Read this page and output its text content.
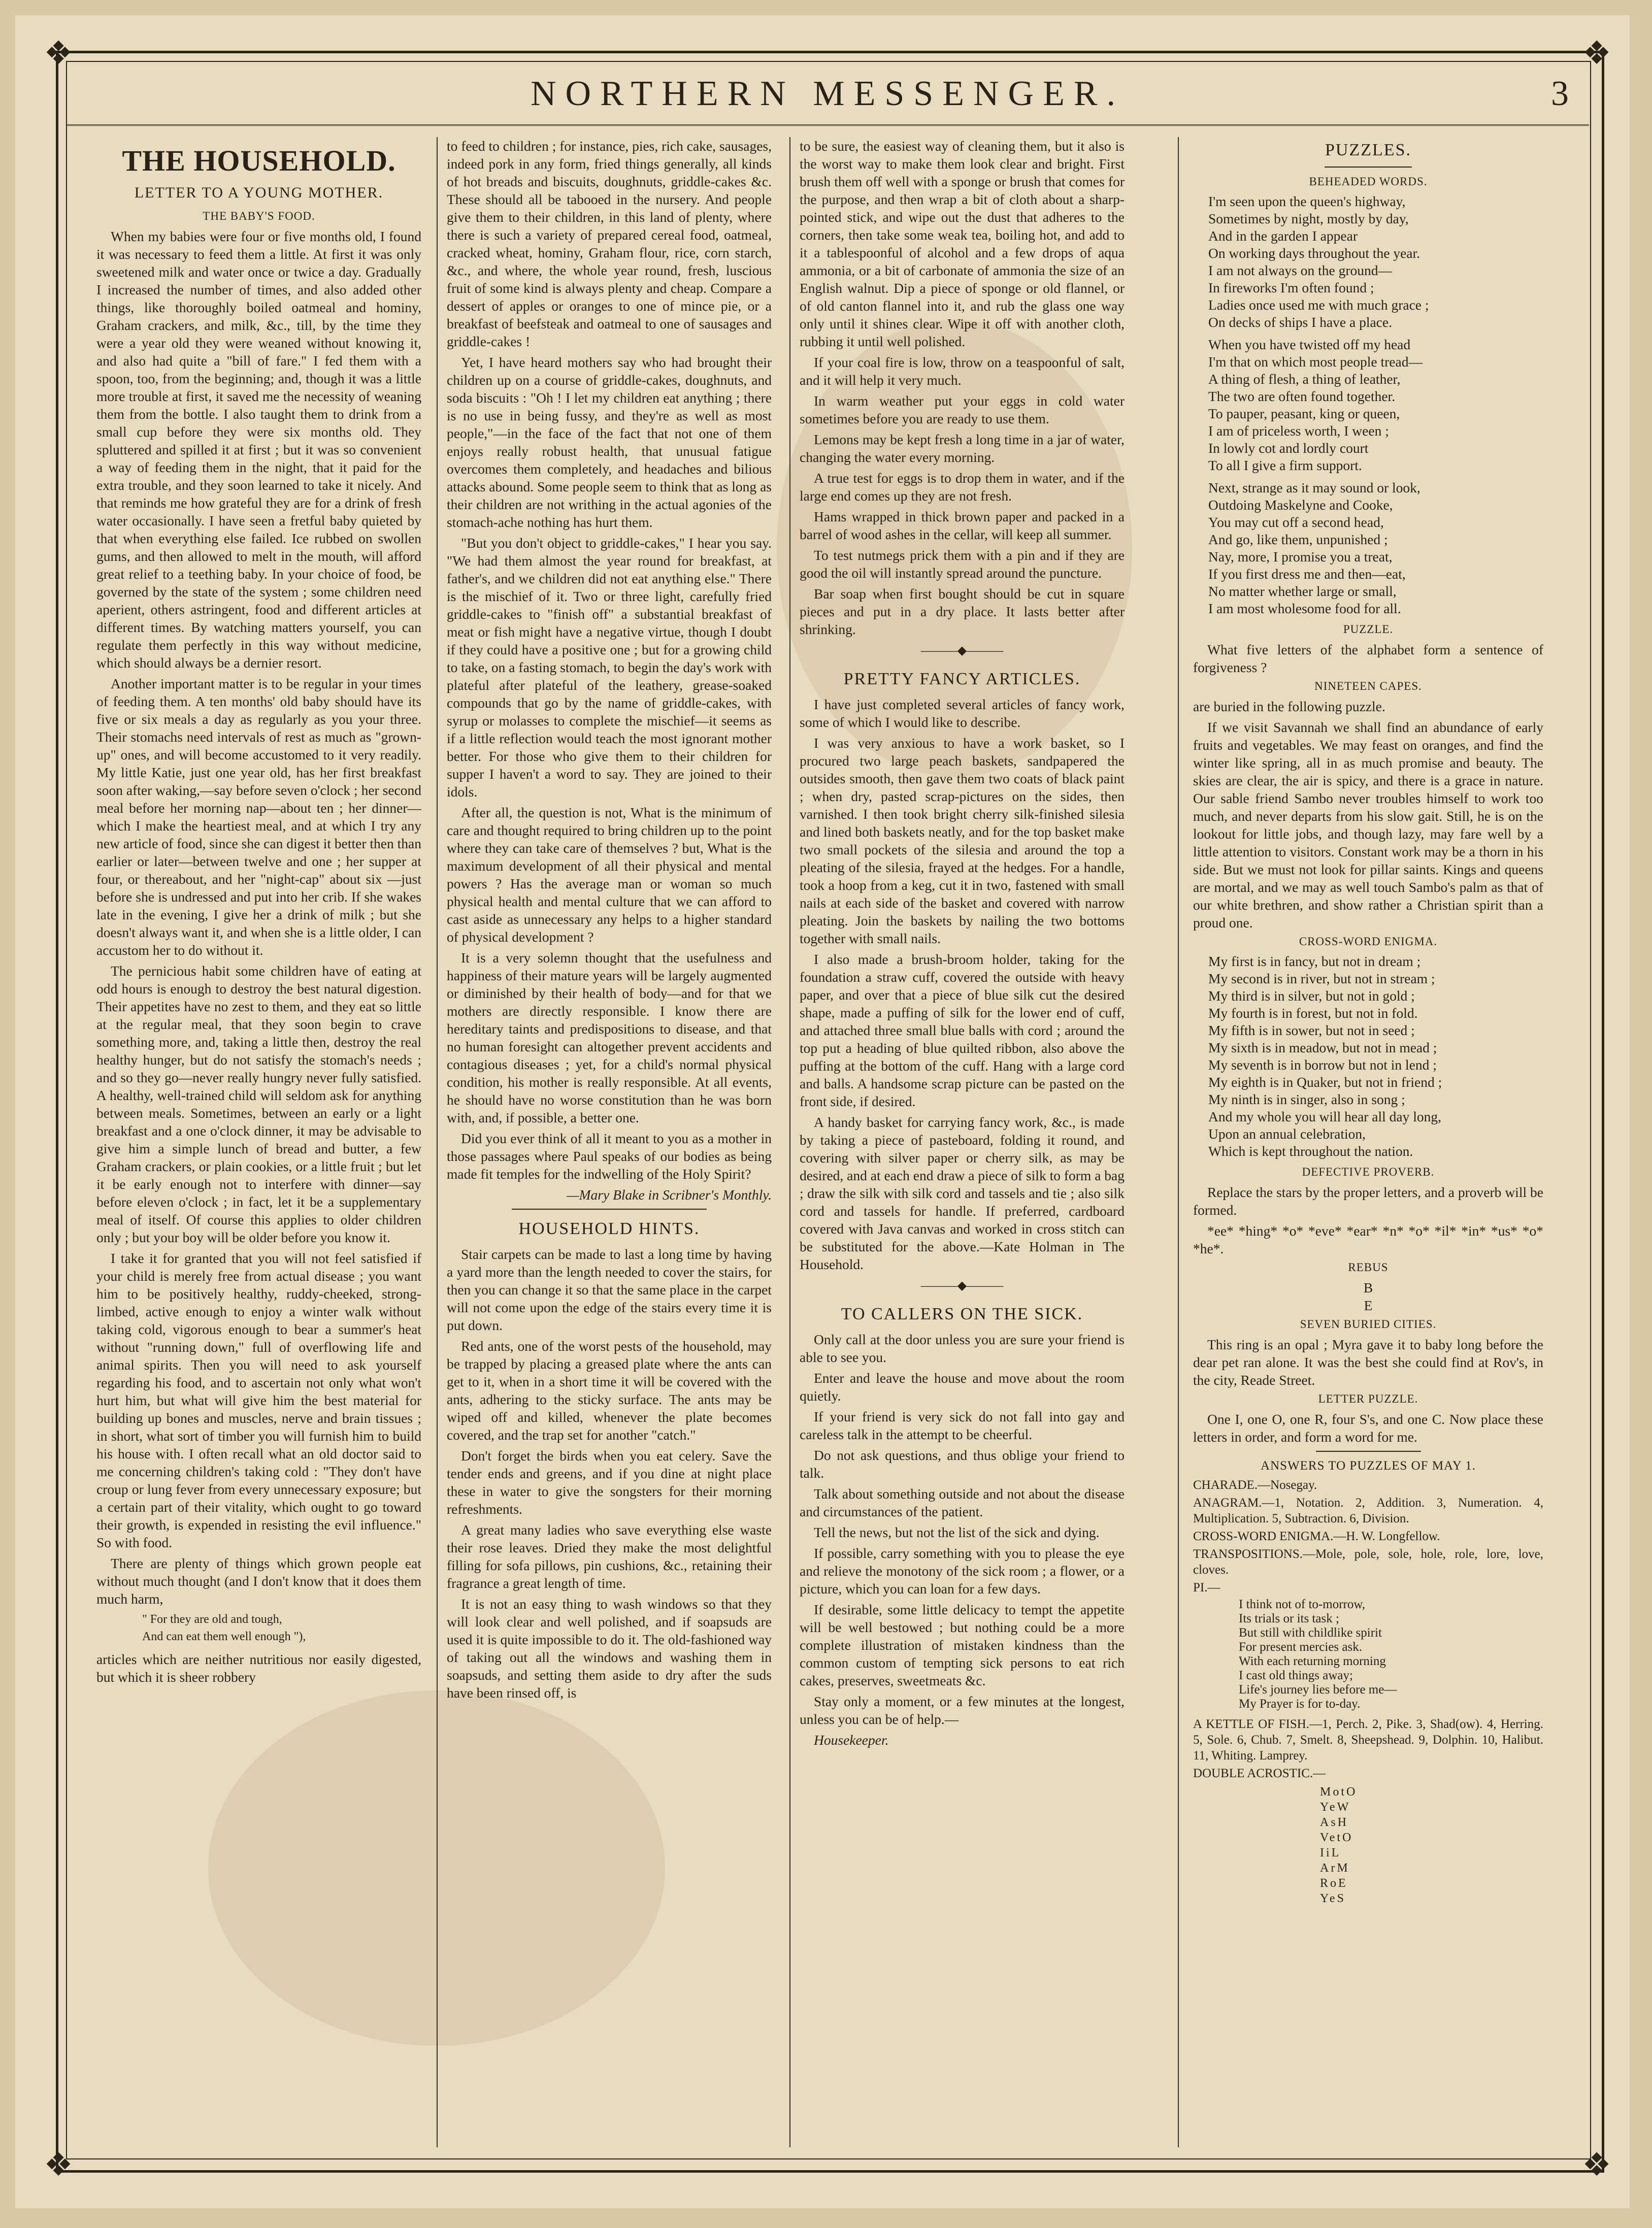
❖	❖
❖	❖
NORTHERN MESSENGER.	3
THE HOUSEHOLD.
LETTER TO A YOUNG MOTHER.
THE BABY'S FOOD.

When my babies were four or five months old, I found it was necessary to feed them a little. At first it was only sweetened milk and water once or twice a day. Gradually I increased the number of times, and also added other things, like thoroughly boiled oatmeal and hominy, Graham crackers, and milk, &c., till, by the time they were a year old they were weaned without knowing it, and also had quite a "bill of fare." I fed them with a spoon, too, from the beginning; and, though it was a little more trouble at first, it saved me the necessity of weaning them from the bottle. I also taught them to drink from a small cup before they were six months old. They spluttered and spilled it at first ; but it was so convenient a way of feeding them in the night, that it paid for the extra trouble, and they soon learned to take it nicely. And that reminds me how grateful they are for a drink of fresh water occasionally. I have seen a fretful baby quieted by that when everything else failed. Ice rubbed on swollen gums, and then allowed to melt in the mouth, will afford great relief to a teething baby. In your choice of food, be governed by the state of the system ; some children need aperient, others astringent, food and different articles at different times. By watching matters yourself, you can regulate them perfectly in this way without medicine, which should always be a dernier resort.

Another important matter is to be regular in your times of feeding them. A ten months' old baby should have its five or six meals a day as regularly as you your three. Their stomachs need intervals of rest as much as "grown-up" ones, and will become accustomed to it very readily. My little Katie, just one year old, has her first breakfast soon after waking,—say before seven o'clock ; her second meal before her morning nap—about ten ; her dinner—which I make the heartiest meal, and at which I try any new article of food, since she can digest it better then than earlier or later—between twelve and one ; her supper at four, or thereabout, and her "night-cap" about six —just before she is undressed and put into her crib. If she wakes late in the evening, I give her a drink of milk ; but she doesn't always want it, and when she is a little older, I can accustom her to do without it.

The pernicious habit some children have of eating at odd hours is enough to destroy the best natural digestion. Their appetites have no zest to them, and they eat so little at the regular meal, that they soon begin to crave something more, and, taking a little then, destroy the real healthy hunger, but do not satisfy the stomach's needs ; and so they go—never really hungry never fully satisfied. A healthy, well-trained child will seldom ask for anything between meals. Sometimes, between an early or a light breakfast and a one o'clock dinner, it may be advisable to give him a simple lunch of bread and butter, a few Graham crackers, or plain cookies, or a little fruit ; but let it be early enough not to interfere with dinner—say before eleven o'clock ; in fact, let it be a supplementary meal of itself. Of course this applies to older children only ; but your boy will be older before you know it.

I take it for granted that you will not feel satisfied if your child is merely free from actual disease ; you want him to be positively healthy, ruddy-cheeked, strong-limbed, active enough to enjoy a winter walk without taking cold, vigorous enough to bear a summer's heat without "running down," full of overflowing life and animal spirits. Then you will need to ask yourself regarding his food, and to ascertain not only what won't hurt him, but what will give him the best material for building up bones and muscles, nerve and brain tissues ; in short, what sort of timber you will furnish him to build his house with. I often recall what an old doctor said to me concerning children's taking cold : "They don't have croup or lung fever from every unnecessary exposure; but a certain part of their vitality, which ought to go toward their growth, is expended in resisting the evil influence." So with food.

There are plenty of things which grown people eat without much thought (and I don't know that it does them much harm,

" For they are old and tough,
And can eat them well enough "),

articles which are neither nutritious nor easily digested, but which it is sheer robbery

to feed to children ; for instance, pies, rich cake, sausages, indeed pork in any form, fried things generally, all kinds of hot breads and biscuits, doughnuts, griddle-cakes &c. These should all be tabooed in the nursery. And people give them to their children, in this land of plenty, where there is such a variety of prepared cereal food, oatmeal, cracked wheat, hominy, Graham flour, rice, corn starch, &c., and where, the whole year round, fresh, luscious fruit of some kind is always plenty and cheap. Compare a dessert of apples or oranges to one of mince pie, or a breakfast of beefsteak and oatmeal to one of sausages and griddle-cakes !

Yet, I have heard mothers say who had brought their children up on a course of griddle-cakes, doughnuts, and soda biscuits : "Oh ! I let my children eat anything ; there is no use in being fussy, and they're as well as most people,"—in the face of the fact that not one of them enjoys really robust health, that unusual fatigue overcomes them completely, and headaches and bilious attacks abound. Some people seem to think that as long as their children are not writhing in the actual agonies of the stomach-ache nothing has hurt them.

"But you don't object to griddle-cakes," I hear you say. "We had them almost the year round for breakfast, at father's, and we children did not eat anything else." There is the mischief of it. Two or three light, carefully fried griddle-cakes to "finish off" a substantial breakfast of meat or fish might have a negative virtue, though I doubt if they could have a positive one ; but for a growing child to take, on a fasting stomach, to begin the day's work with plateful after plateful of the leathery, grease-soaked compounds that go by the name of griddle-cakes, with syrup or molasses to complete the mischief—it seems as if a little reflection would teach the most ignorant mother better. For those who give them to their children for supper I haven't a word to say. They are joined to their idols.

After all, the question is not, What is the minimum of care and thought required to bring children up to the point where they can take care of themselves ? but, What is the maximum development of all their physical and mental powers ? Has the average man or woman so much physical health and mental culture that we can afford to cast aside as unnecessary any helps to a higher standard of physical development ?

It is a very solemn thought that the usefulness and happiness of their mature years will be largely augmented or diminished by their health of body—and for that we mothers are directly responsible. I know there are hereditary taints and predispositions to disease, and that no human foresight can altogether prevent accidents and contagious diseases ; yet, for a child's normal physical condition, his mother is really responsible. At all events, he should have no worse constitution than he was born with, and, if possible, a better one.

Did you ever think of all it meant to you as a mother in those passages where Paul speaks of our bodies as being made fit temples for the indwelling of the Holy Spirit?

—Mary Blake in Scribner's Monthly.

HOUSEHOLD HINTS.

Stair carpets can be made to last a long time by having a yard more than the length needed to cover the stairs, for then you can change it so that the same place in the carpet will not come upon the edge of the stairs every time it is put down.

Red ants, one of the worst pests of the household, may be trapped by placing a greased plate where the ants can get to it, when in a short time it will be covered with the ants, adhering to the sticky surface. The ants may be wiped off and killed, whenever the plate becomes covered, and the trap set for another "catch."

Don't forget the birds when you eat celery. Save the tender ends and greens, and if you dine at night place these in water to give the songsters for their morning refreshments.

A great many ladies who save everything else waste their rose leaves. Dried they make the most delightful filling for sofa pillows, pin cushions, &c., retaining their fragrance a great length of time.

It is not an easy thing to wash windows so that they will look clear and well polished, and if soapsuds are used it is quite impossible to do it. The old-fashioned way of taking out all the windows and washing them in soapsuds, and setting them aside to dry after the suds have been rinsed off, is

to be sure, the easiest way of cleaning them, but it also is the worst way to make them look clear and bright. First brush them off well with a sponge or brush that comes for the purpose, and then wrap a bit of cloth about a sharp-pointed stick, and wipe out the dust that adheres to the corners, then take some weak tea, boiling hot, and add to it a tablespoonful of alcohol and a few drops of aqua ammonia, or a bit of carbonate of ammonia the size of an English walnut. Dip a piece of sponge or old flannel, or of old canton flannel into it, and rub the glass one way only until it shines clear. Wipe it off with another cloth, rubbing it until well polished.

If your coal fire is low, throw on a teaspoonful of salt, and it will help it very much.

In warm weather put your eggs in cold water sometimes before you are ready to use them.

Lemons may be kept fresh a long time in a jar of water, changing the water every morning.

A true test for eggs is to drop them in water, and if the large end comes up they are not fresh.

Hams wrapped in thick brown paper and packed in a barrel of wood ashes in the cellar, will keep all summer.

To test nutmegs prick them with a pin and if they are good the oil will instantly spread around the puncture.

Bar soap when first bought should be cut in square pieces and put in a dry place. It lasts better after shrinking.

———◆———
PRETTY FANCY ARTICLES.

I have just completed several articles of fancy work, some of which I would like to describe.

I was very anxious to have a work basket, so I procured two large peach baskets, sandpapered the outsides smooth, then gave them two coats of black paint ; when dry, pasted scrap-pictures on the sides, then varnished. I then took bright cherry silk-finished silesia and lined both baskets neatly, and for the top basket make two small pockets of the silesia and around the top a pleating of the silesia, frayed at the hedges. For a handle, took a hoop from a keg, cut it in two, fastened with small nails at each side of the basket and covered with narrow pleating. Join the baskets by nailing the two bottoms together with small nails.

I also made a brush-broom holder, taking for the foundation a straw cuff, covered the outside with heavy paper, and over that a piece of blue silk cut the desired shape, made a puffing of silk for the lower end of cuff, and attached three small blue balls with cord ; around the top put a heading of blue quilted ribbon, also above the puffing at the bottom of the cuff. Hang with a large cord and balls. A handsome scrap picture can be pasted on the front side, if desired.

A handy basket for carrying fancy work, &c., is made by taking a piece of pasteboard, folding it round, and covering with silver paper or cherry silk, as may be desired, and at each end draw a piece of silk to form a bag ; draw the silk with silk cord and tassels and tie ; also silk cord and tassels for handle. If preferred, cardboard covered with Java canvas and worked in cross stitch can be substituted for the above.—Kate Holman in The Household.

———◆———
TO CALLERS ON THE SICK.

Only call at the door unless you are sure your friend is able to see you.

Enter and leave the house and move about the room quietly.

If your friend is very sick do not fall into gay and careless talk in the attempt to be cheerful.

Do not ask questions, and thus oblige your friend to talk.

Talk about something outside and not about the disease and circumstances of the patient.

Tell the news, but not the list of the sick and dying.

If possible, carry something with you to please the eye and relieve the monotony of the sick room ; a flower, or a picture, which you can loan for a few days.

If desirable, some little delicacy to tempt the appetite will be well bestowed ; but nothing could be a more complete illustration of mistaken kindness than the common custom of tempting sick persons to eat rich cakes, preserves, sweetmeats &c.

Stay only a moment, or a few minutes at the longest, unless you can be of help.—

Housekeeper.

PUZZLES.
BEHEADED WORDS.
I'm seen upon the queen's highway,
Sometimes by night, mostly by day,
And in the garden I appear
On working days throughout the year.
I am not always on the ground—
In fireworks I'm often found ;
Ladies once used me with much grace ;
On decks of ships I have a place.
When you have twisted off my head
I'm that on which most people tread—
A thing of flesh, a thing of leather,
The two are often found together.
To pauper, peasant, king or queen,
I am of priceless worth, I ween ;
In lowly cot and lordly court
To all I give a firm support.
Next, strange as it may sound or look,
Outdoing Maskelyne and Cooke,
You may cut off a second head,
And go, like them, unpunished ;
Nay, more, I promise you a treat,
If you first dress me and then—eat,
No matter whether large or small,
I am most wholesome food for all.
PUZZLE.

What five letters of the alphabet form a sentence of forgiveness ?

NINETEEN CAPES.

are buried in the following puzzle.

If we visit Savannah we shall find an abundance of early fruits and vegetables. We may feast on oranges, and find the winter like spring, all in as much promise and beauty. The skies are clear, the air is spicy, and there is a grace in nature. Our sable friend Sambo never troubles himself to work too much, and never departs from his slow gait. Still, he is on the lookout for little jobs, and though lazy, may fare well by a little attention to visitors. Constant work may be a thorn in his side. But we must not look for pillar saints. Kings and queens are mortal, and we may as well touch Sambo's palm as that of our white brethren, and show rather a Christian spirit than a proud one.

CROSS-WORD ENIGMA.
My first is in fancy, but not in dream ;
My second is in river, but not in stream ;
My third is in silver, but not in gold ;
My fourth is in forest, but not in fold.
My fifth is in sower, but not in seed ;
My sixth is in meadow, but not in mead ;
My seventh is in borrow but not in lend ;
My eighth is in Quaker, but not in friend ;
My ninth is in singer, also in song ;
And my whole you will hear all day long,
Upon an annual celebration,
Which is kept throughout the nation.
DEFECTIVE PROVERB.

Replace the stars by the proper letters, and a proverb will be formed.

*ee* *hing* *o* *eve* *ear* *n* *o* *il* *in* *us* *o* *he*.

REBUS
B
E
SEVEN BURIED CITIES.

This ring is an opal ; Myra gave it to baby long before the dear pet ran alone. It was the best she could find at Rov's, in the city, Reade Street.

LETTER PUZZLE.

One I, one O, one R, four S's, and one C. Now place these letters in order, and form a word for me.

ANSWERS TO PUZZLES OF MAY 1.

CHARADE.—Nosegay.

ANAGRAM.—1, Notation. 2, Addition. 3, Numeration. 4, Multiplication. 5, Subtraction. 6, Division.

CROSS-WORD ENIGMA.—H. W. Longfellow.

TRANSPOSITIONS.—Mole, pole, sole, hole, role, lore, love, cloves.

PI.—

I think not of to-morrow,
Its trials or its task ;
But still with childlike spirit
For present mercies ask.
With each returning morning
I cast old things away;
Life's journey lies before me—
My Prayer is for to-day.

A KETTLE OF FISH.—1, Perch. 2, Pike. 3, Shad(ow). 4, Herring. 5, Sole. 6, Chub. 7, Smelt. 8, Sheepshead. 9, Dolphin. 10, Halibut. 11, Whiting. Lamprey.

DOUBLE ACROSTIC.—

MotO
YeW
AsH
VetO
IiL
ArM
RoE
YeS
